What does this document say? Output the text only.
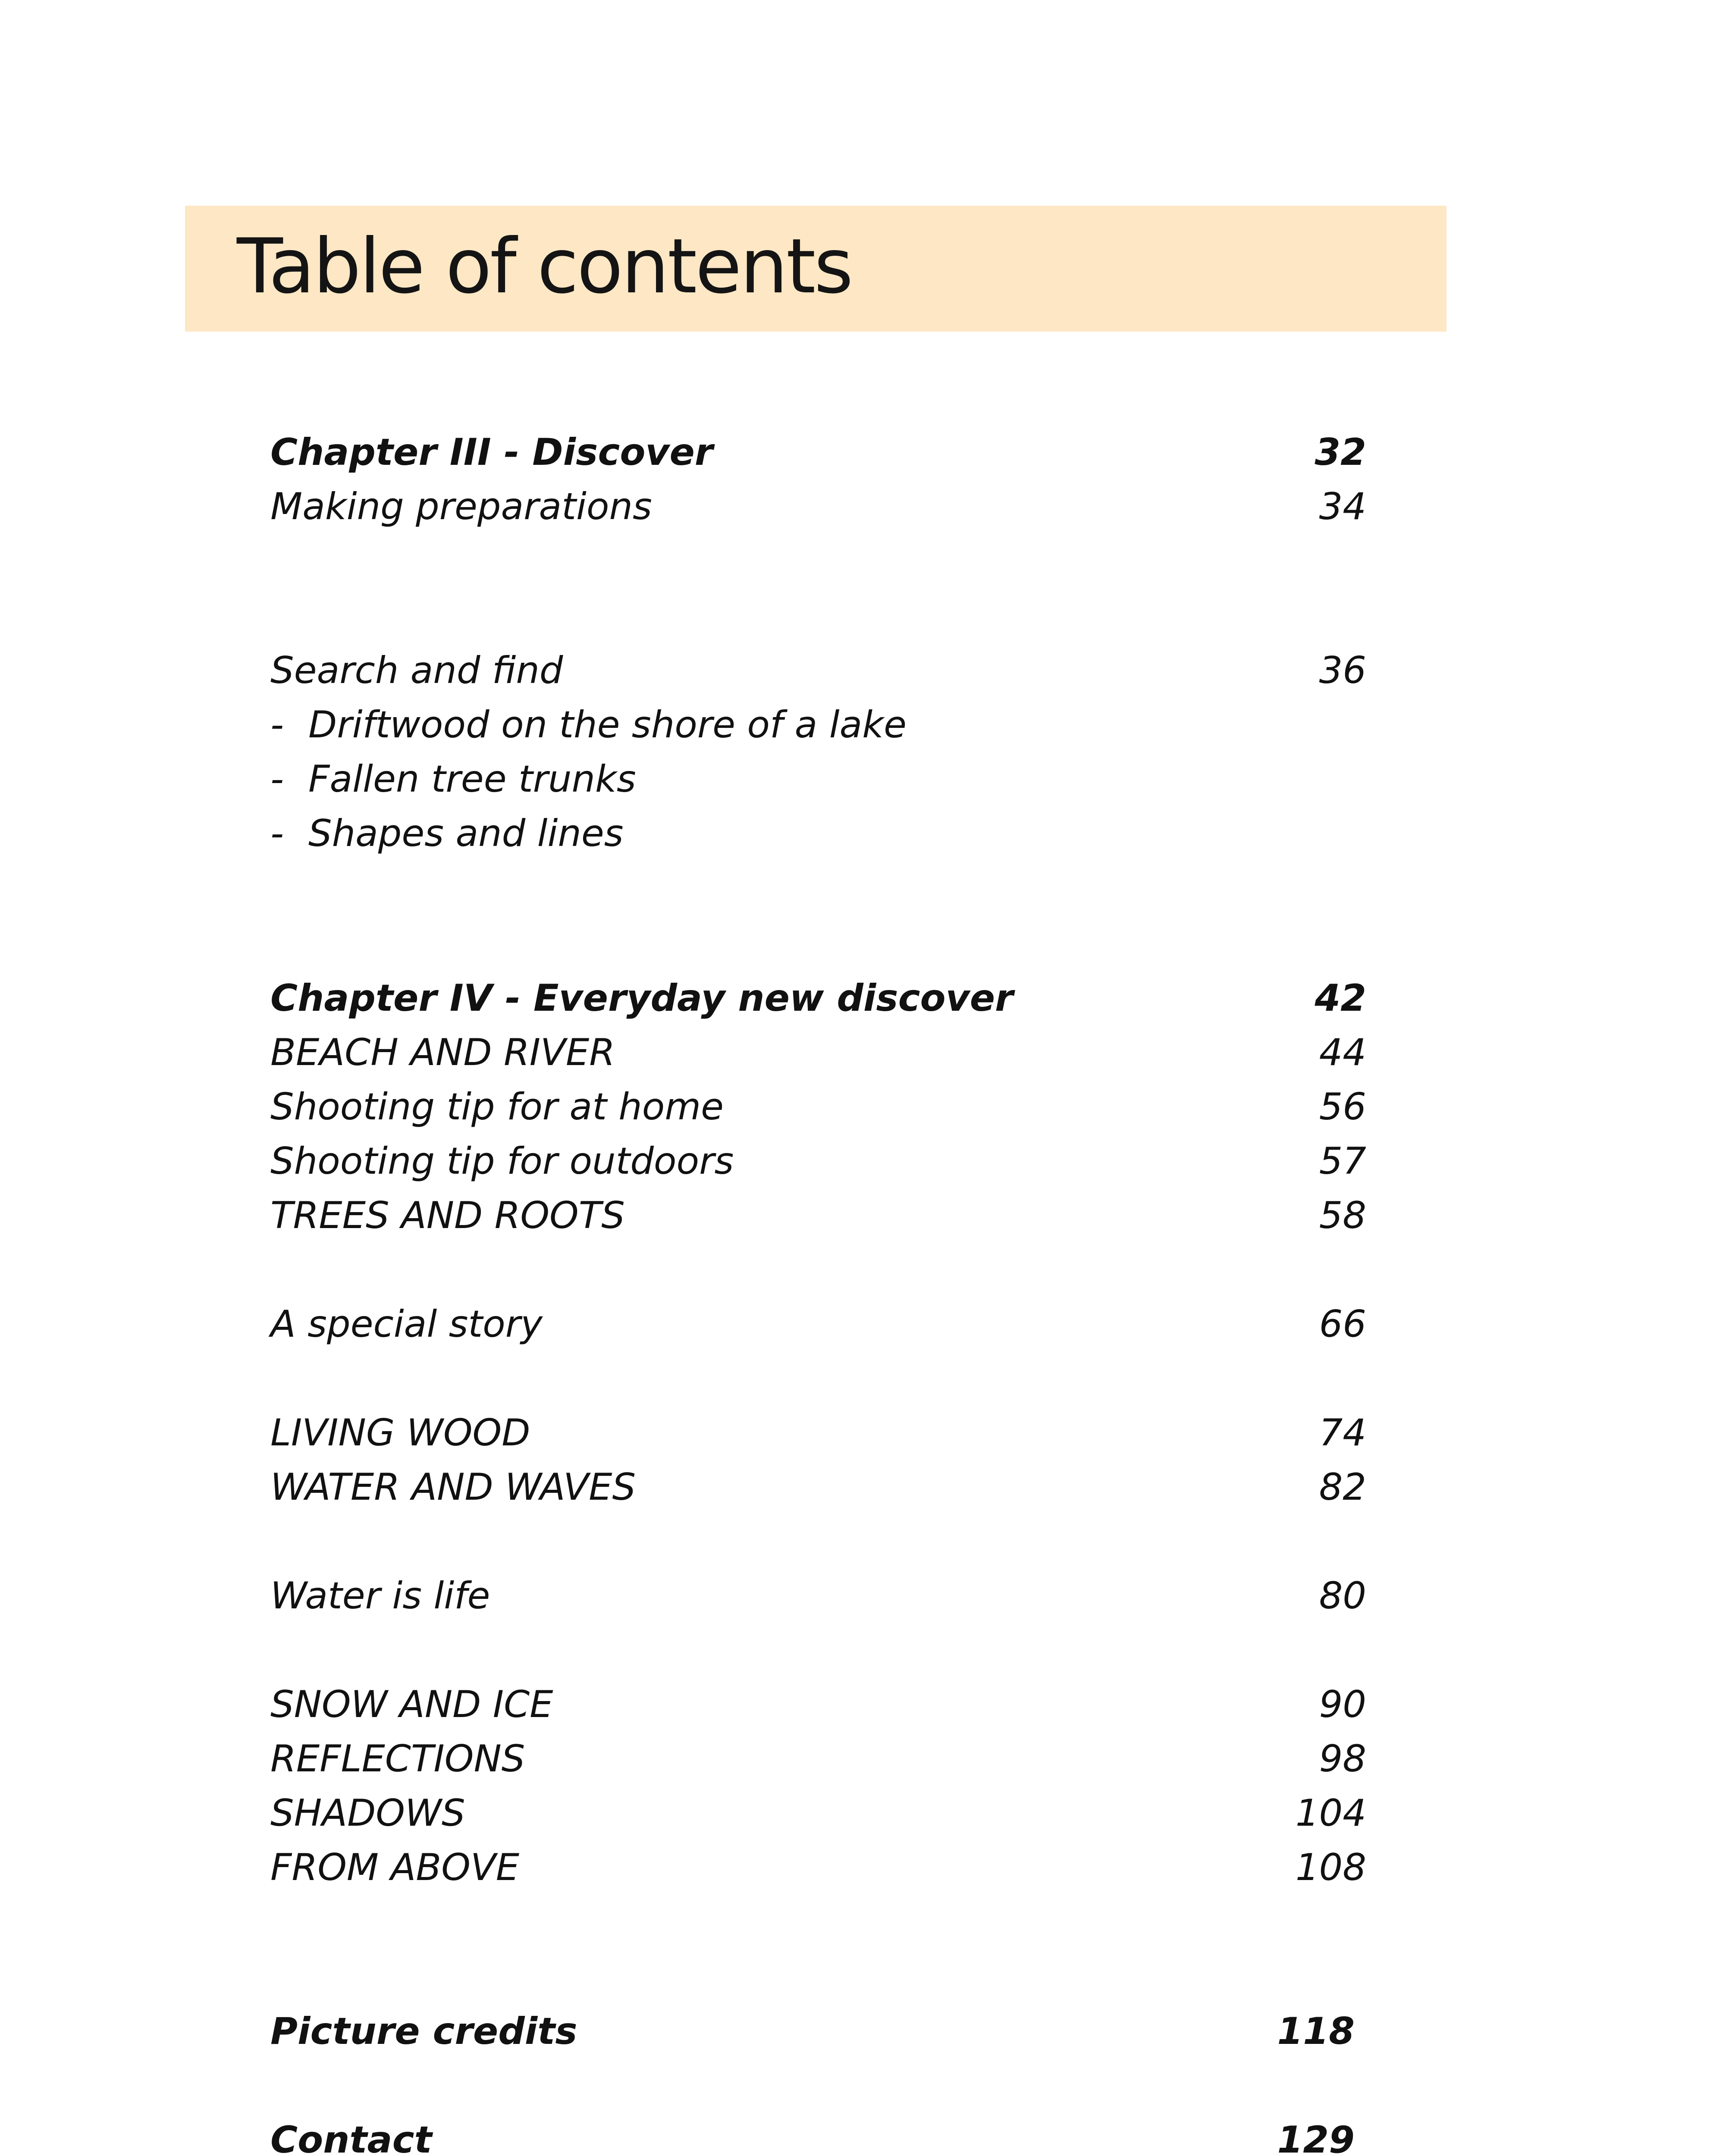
Table of contents
Chapter III - Discover	32
Making preparations	34
Search and find	36
- Driftwood on the shore of a lake
- Fallen tree trunks
- Shapes and lines
Chapter IV - Everyday new discover	42
BEACH AND RIVER	44
Shooting tip for at home	56
Shooting tip for outdoors	57
TREES AND ROOTS	58
A special story	66
LIVING WOOD	74
WATER AND WAVES	82
Water is life	80
SNOW AND ICE	90
REFLECTIONS	98
SHADOWS	104
FROM ABOVE	108
Picture credits	118
Contact	129
